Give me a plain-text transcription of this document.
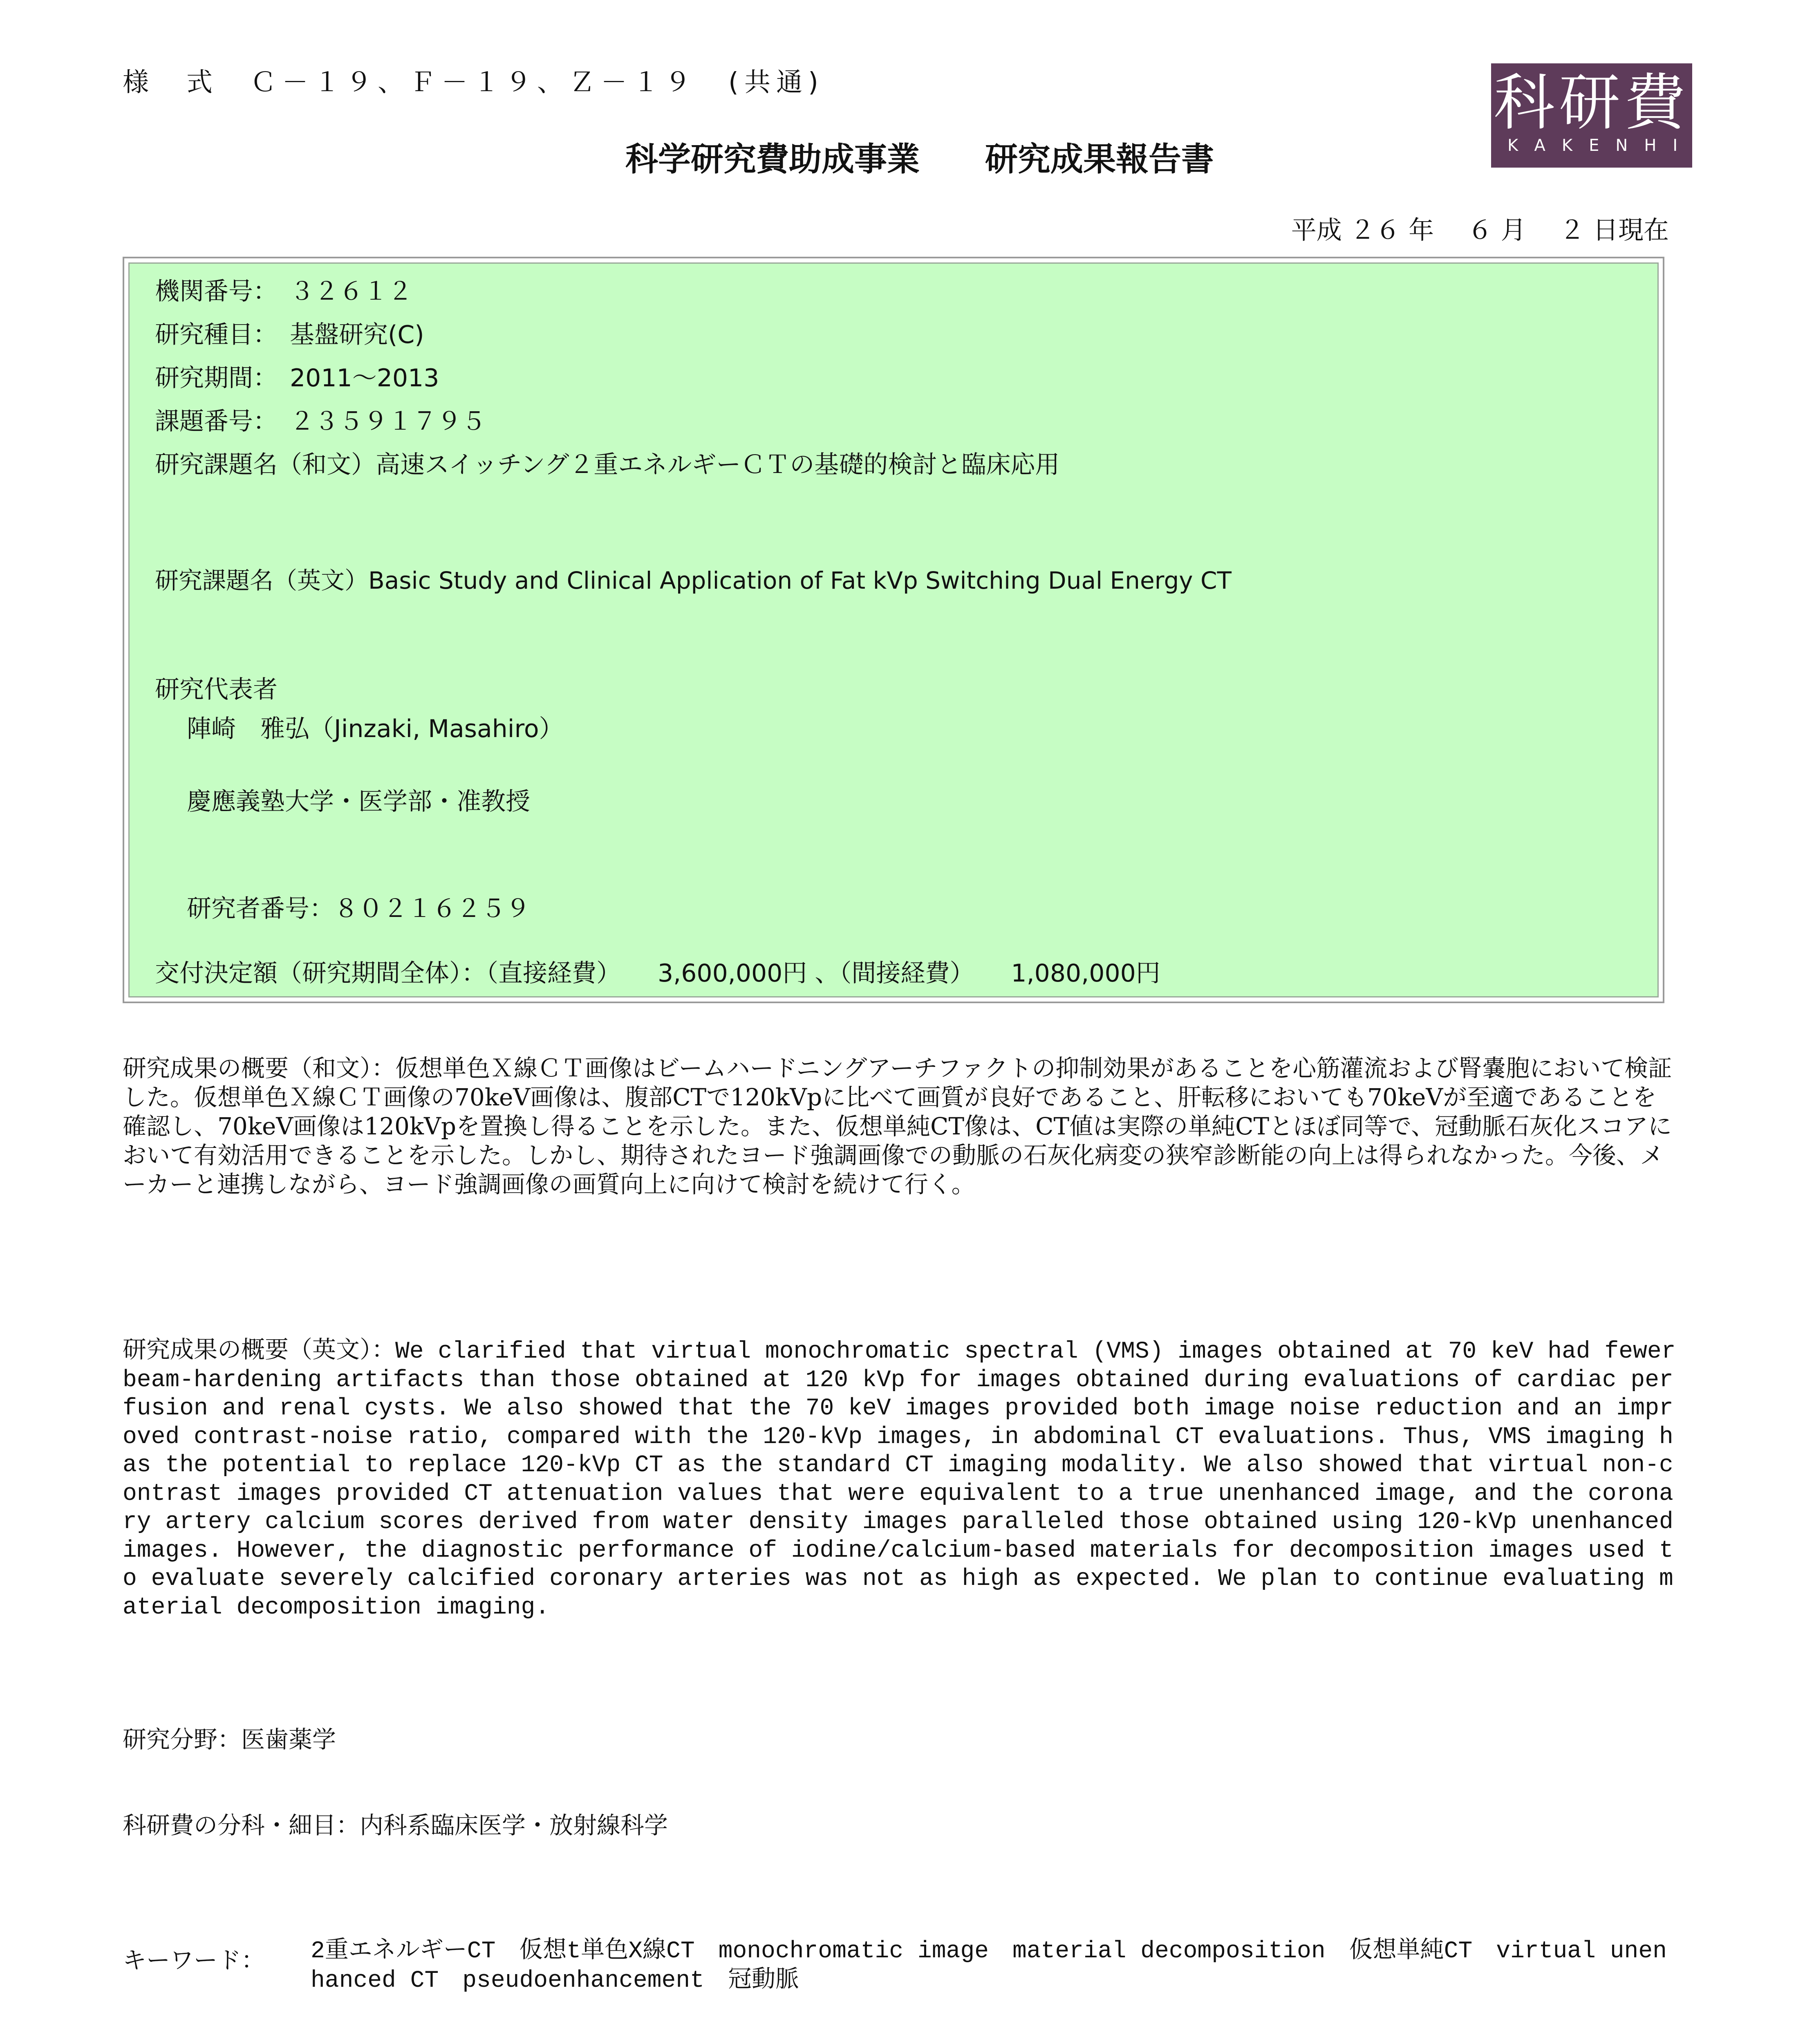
様　式　Ｃ－１９、Ｆ－１９、Ｚ－１９　(共通)	科研費
KAKENHI
科学研究費助成事業　　研究成果報告書
平成 ２６ 年　 ６ 月　 ２ 日現在
機関番号：　３２６１２
研究種目：　基盤研究(C)
研究期間：　2011～2013
課題番号：　２３５９１７９５
研究課題名（和文）高速スイッチング２重エネルギーＣＴの基礎的検討と臨床応用
研究課題名（英文）Basic Study and Clinical Application of Fat kVp Switching Dual Energy CT
研究代表者
陣崎　雅弘（Jinzaki, Masahiro）
慶應義塾大学・医学部・准教授
研究者番号：８０２１６２５９
交付決定額（研究期間全体）：（直接経費）　　3,600,000円 、（間接経費）　　1,080,000円
研究成果の概要（和文）：仮想単色Ｘ線ＣＴ画像はビームハードニングアーチファクトの抑制効果があることを心筋灌流および腎嚢胞において検証した。仮想単色Ｘ線ＣＴ画像の70keV画像は、腹部CTで120kVpに比べて画質が良好であること、肝転移においても70keVが至適であることを確認し、70keV画像は120kVpを置換し得ることを示した。また、仮想単純CT像は、CT値は実際の単純CTとほぼ同等で、冠動脈石灰化スコアにおいて有効活用できることを示した。しかし、期待されたヨード強調画像での動脈の石灰化病変の狭窄診断能の向上は得られなかった。今後、メーカーと連携しながら、ヨード強調画像の画質向上に向けて検討を続けて行く。
研究成果の概要（英文）：We clarified that virtual monochromatic spectral (VMS) images obtained at 70 keV had fewer beam-hardening artifacts than those obtained at 120 kVp for images obtained during evaluations of cardiac perfusion and renal cysts. We also showed that the 70 keV images provided both image noise reduction and an improved contrast-noise ratio, compared with the 120-kVp images, in abdominal CT evaluations. Thus, VMS imaging has the potential to replace 120-kVp CT as the standard CT imaging modality. We also showed that virtual non-contrast images provided CT attenuation values that were equivalent to a true unenhanced image, and the coronary artery calcium scores derived from water density images paralleled those obtained using 120-kVp unenhanced images. However, the diagnostic performance of iodine/calcium-based materials for decomposition images used to evaluate severely calcified coronary arteries was not as high as expected. We plan to continue evaluating material decomposition imaging.
研究分野：医歯薬学
科研費の分科・細目：内科系臨床医学・放射線科学
キーワード： 2重エネルギーCT　仮想t単色X線CT　monochromatic image　material decomposition　仮想単純CT　virtual unenhanced CT　pseudoenhancement　冠動脈
